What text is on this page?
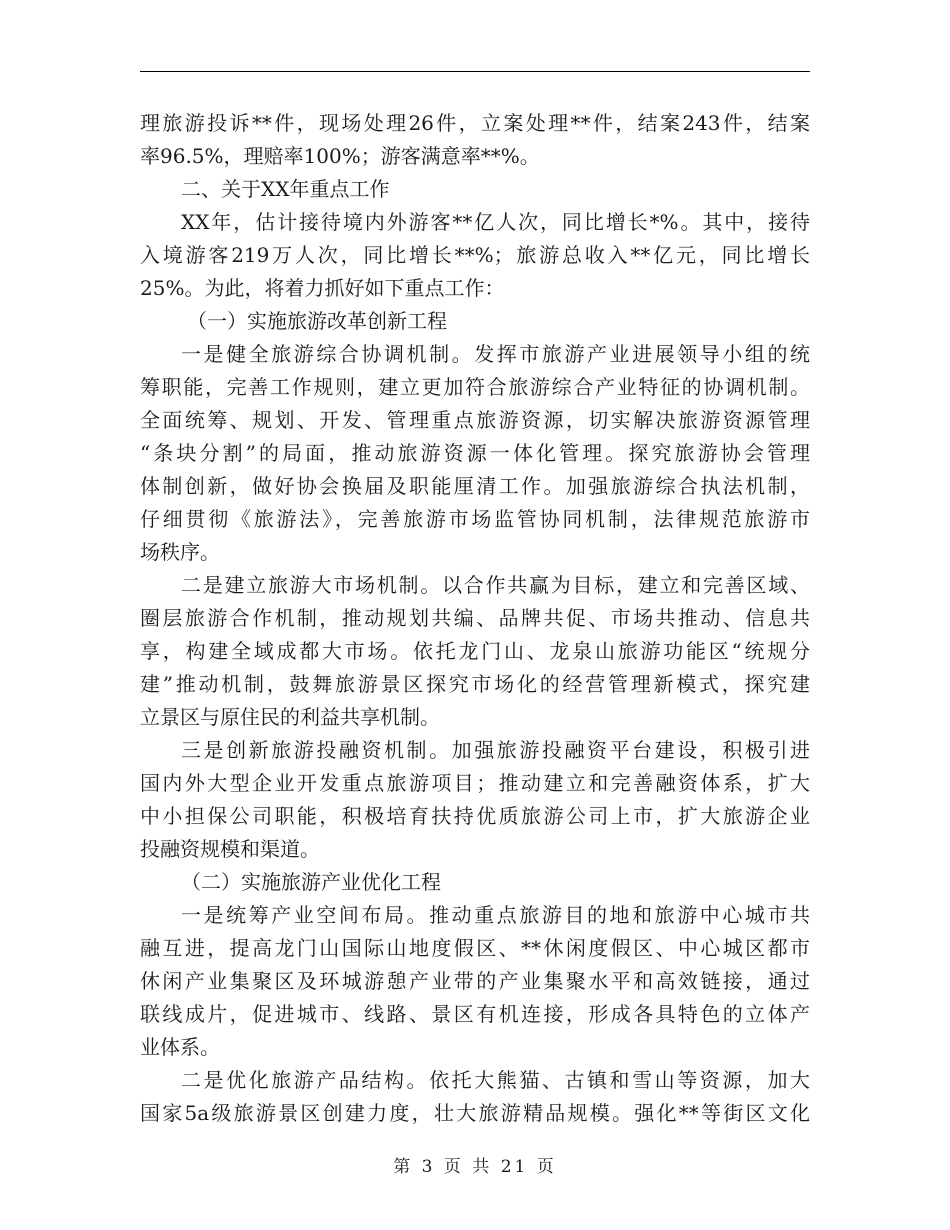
理旅游投诉**件，现场处理26件，立案处理**件，结案243件，结案
率96.5%，理赔率100%；游客满意率**%。
二、关于XX年重点工作
XX年，估计接待境内外游客**亿人次，同比增长*%。其中，接待
入境游客219万人次，同比增长**%；旅游总收入**亿元，同比增长
25%。为此，将着力抓好如下重点工作：
（一）实施旅游改革创新工程
一是健全旅游综合协调机制。发挥市旅游产业进展领导小组的统
筹职能，完善工作规则，建立更加符合旅游综合产业特征的协调机制。
全面统筹、规划、开发、管理重点旅游资源，切实解决旅游资源管理
“条块分割”的局面，推动旅游资源一体化管理。探究旅游协会管理
体制创新，做好协会换届及职能厘清工作。加强旅游综合执法机制，
仔细贯彻《旅游法》，完善旅游市场监管协同机制，法律规范旅游市
场秩序。
二是建立旅游大市场机制。以合作共赢为目标，建立和完善区域、
圈层旅游合作机制，推动规划共编、品牌共促、市场共推动、信息共
享，构建全域成都大市场。依托龙门山、龙泉山旅游功能区“统规分
建”推动机制，鼓舞旅游景区探究市场化的经营管理新模式，探究建
立景区与原住民的利益共享机制。
三是创新旅游投融资机制。加强旅游投融资平台建设，积极引进
国内外大型企业开发重点旅游项目；推动建立和完善融资体系，扩大
中小担保公司职能，积极培育扶持优质旅游公司上市，扩大旅游企业
投融资规模和渠道。
（二）实施旅游产业优化工程
一是统筹产业空间布局。推动重点旅游目的地和旅游中心城市共
融互进，提高龙门山国际山地度假区、**休闲度假区、中心城区都市
休闲产业集聚区及环城游憩产业带的产业集聚水平和高效链接，通过
联线成片，促进城市、线路、景区有机连接，形成各具特色的立体产
业体系。
二是优化旅游产品结构。依托大熊猫、古镇和雪山等资源，加大
国家5a级旅游景区创建力度，壮大旅游精品规模。强化**等街区文化
第 3 页 共 21 页
